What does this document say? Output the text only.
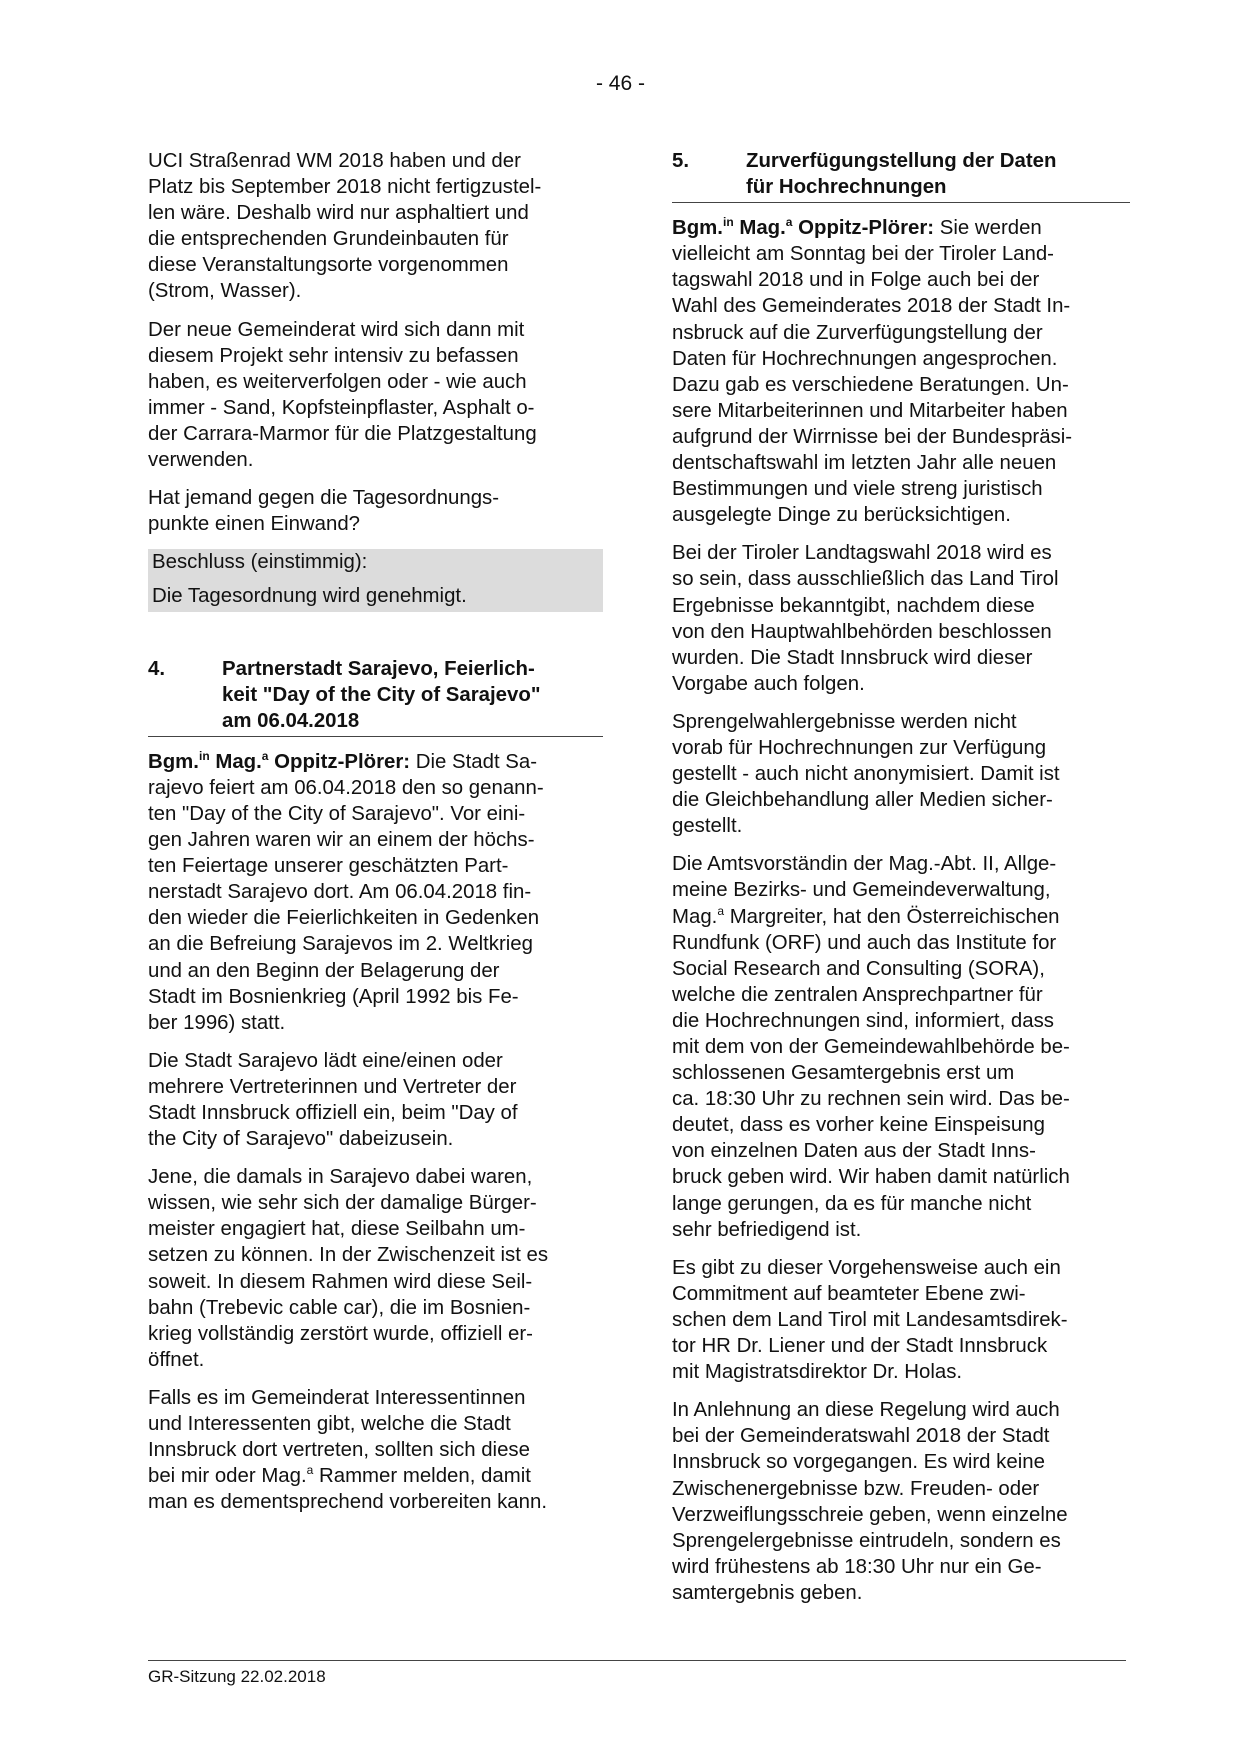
- 46 -

UCI Straßenrad WM 2018 haben und der
Platz bis September 2018 nicht fertigzustel-
len wäre. Deshalb wird nur asphaltiert und
die entsprechenden Grundeinbauten für
diese Veranstaltungsorte vorgenommen
(Strom, Wasser).

Der neue Gemeinderat wird sich dann mit
diesem Projekt sehr intensiv zu befassen
haben, es weiterverfolgen oder - wie auch
immer - Sand, Kopfsteinpflaster, Asphalt o-
der Carrara-Marmor für die Platzgestaltung
verwenden.

Hat jemand gegen die Tagesordnungs-
punkte einen Einwand?

Beschluss (einstimmig):

Die Tagesordnung wird genehmigt.

4.	Partnerstadt Sarajevo, Feierlich-
keit "Day of the City of Sarajevo"
am 06.04.2018

Bgm.$^{in}$ Mag.$^a$ Oppitz-Plörer: Die Stadt Sa-
rajevo feiert am 06.04.2018 den so genann-
ten "Day of the City of Sarajevo". Vor eini-
gen Jahren waren wir an einem der höchs-
ten Feiertage unserer geschätzten Part-
nerstadt Sarajevo dort. Am 06.04.2018 fin-
den wieder die Feierlichkeiten in Gedenken
an die Befreiung Sarajevos im 2. Weltkrieg
und an den Beginn der Belagerung der
Stadt im Bosnienkrieg (April 1992 bis Fe-
ber 1996) statt.

Die Stadt Sarajevo lädt eine/einen oder
mehrere Vertreterinnen und Vertreter der
Stadt Innsbruck offiziell ein, beim "Day of
the City of Sarajevo" dabeizusein.

Jene, die damals in Sarajevo dabei waren,
wissen, wie sehr sich der damalige Bürger-
meister engagiert hat, diese Seilbahn um-
setzen zu können. In der Zwischenzeit ist es
soweit. In diesem Rahmen wird diese Seil-
bahn (Trebevic cable car), die im Bosnien-
krieg vollständig zerstört wurde, offiziell er-
öffnet.

Falls es im Gemeinderat Interessentinnen
und Interessenten gibt, welche die Stadt
Innsbruck dort vertreten, sollten sich diese
bei mir oder Mag.$^a$ Rammer melden, damit
man es dementsprechend vorbereiten kann.

5.	Zurverfügungstellung der Daten
für Hochrechnungen

Bgm.$^{in}$ Mag.$^a$ Oppitz-Plörer: Sie werden
vielleicht am Sonntag bei der Tiroler Land-
tagswahl 2018 und in Folge auch bei der
Wahl des Gemeinderates 2018 der Stadt In-
nsbruck auf die Zurverfügungstellung der
Daten für Hochrechnungen angesprochen.
Dazu gab es verschiedene Beratungen. Un-
sere Mitarbeiterinnen und Mitarbeiter haben
aufgrund der Wirrnisse bei der Bundespräsi-
dentschaftswahl im letzten Jahr alle neuen
Bestimmungen und viele streng juristisch
ausgelegte Dinge zu berücksichtigen.

Bei der Tiroler Landtagswahl 2018 wird es
so sein, dass ausschließlich das Land Tirol
Ergebnisse bekanntgibt, nachdem diese
von den Hauptwahlbehörden beschlossen
wurden. Die Stadt Innsbruck wird dieser
Vorgabe auch folgen.

Sprengelwahlergebnisse werden nicht
vorab für Hochrechnungen zur Verfügung
gestellt - auch nicht anonymisiert. Damit ist
die Gleichbehandlung aller Medien sicher-
gestellt.

Die Amtsvorständin der Mag.-Abt. II, Allge-
meine Bezirks- und Gemeindeverwaltung,
Mag.$^a$ Margreiter, hat den Österreichischen
Rundfunk (ORF) und auch das Institute for
Social Research and Consulting (SORA),
welche die zentralen Ansprechpartner für
die Hochrechnungen sind, informiert, dass
mit dem von der Gemeindewahlbehörde be-
schlossenen Gesamtergebnis erst um
ca. 18:30 Uhr zu rechnen sein wird. Das be-
deutet, dass es vorher keine Einspeisung
von einzelnen Daten aus der Stadt Inns-
bruck geben wird. Wir haben damit natürlich
lange gerungen, da es für manche nicht
sehr befriedigend ist.

Es gibt zu dieser Vorgehensweise auch ein
Commitment auf beamteter Ebene zwi-
schen dem Land Tirol mit Landesamtsdirek-
tor HR Dr. Liener und der Stadt Innsbruck
mit Magistratsdirektor Dr. Holas.

In Anlehnung an diese Regelung wird auch
bei der Gemeinderatswahl 2018 der Stadt
Innsbruck so vorgegangen. Es wird keine
Zwischenergebnisse bzw. Freuden- oder
Verzweiflungsschreie geben, wenn einzelne
Sprengelergebnisse eintrudeln, sondern es
wird frühestens ab 18:30 Uhr nur ein Ge-
samtergebnis geben.

GR-Sitzung 22.02.2018
